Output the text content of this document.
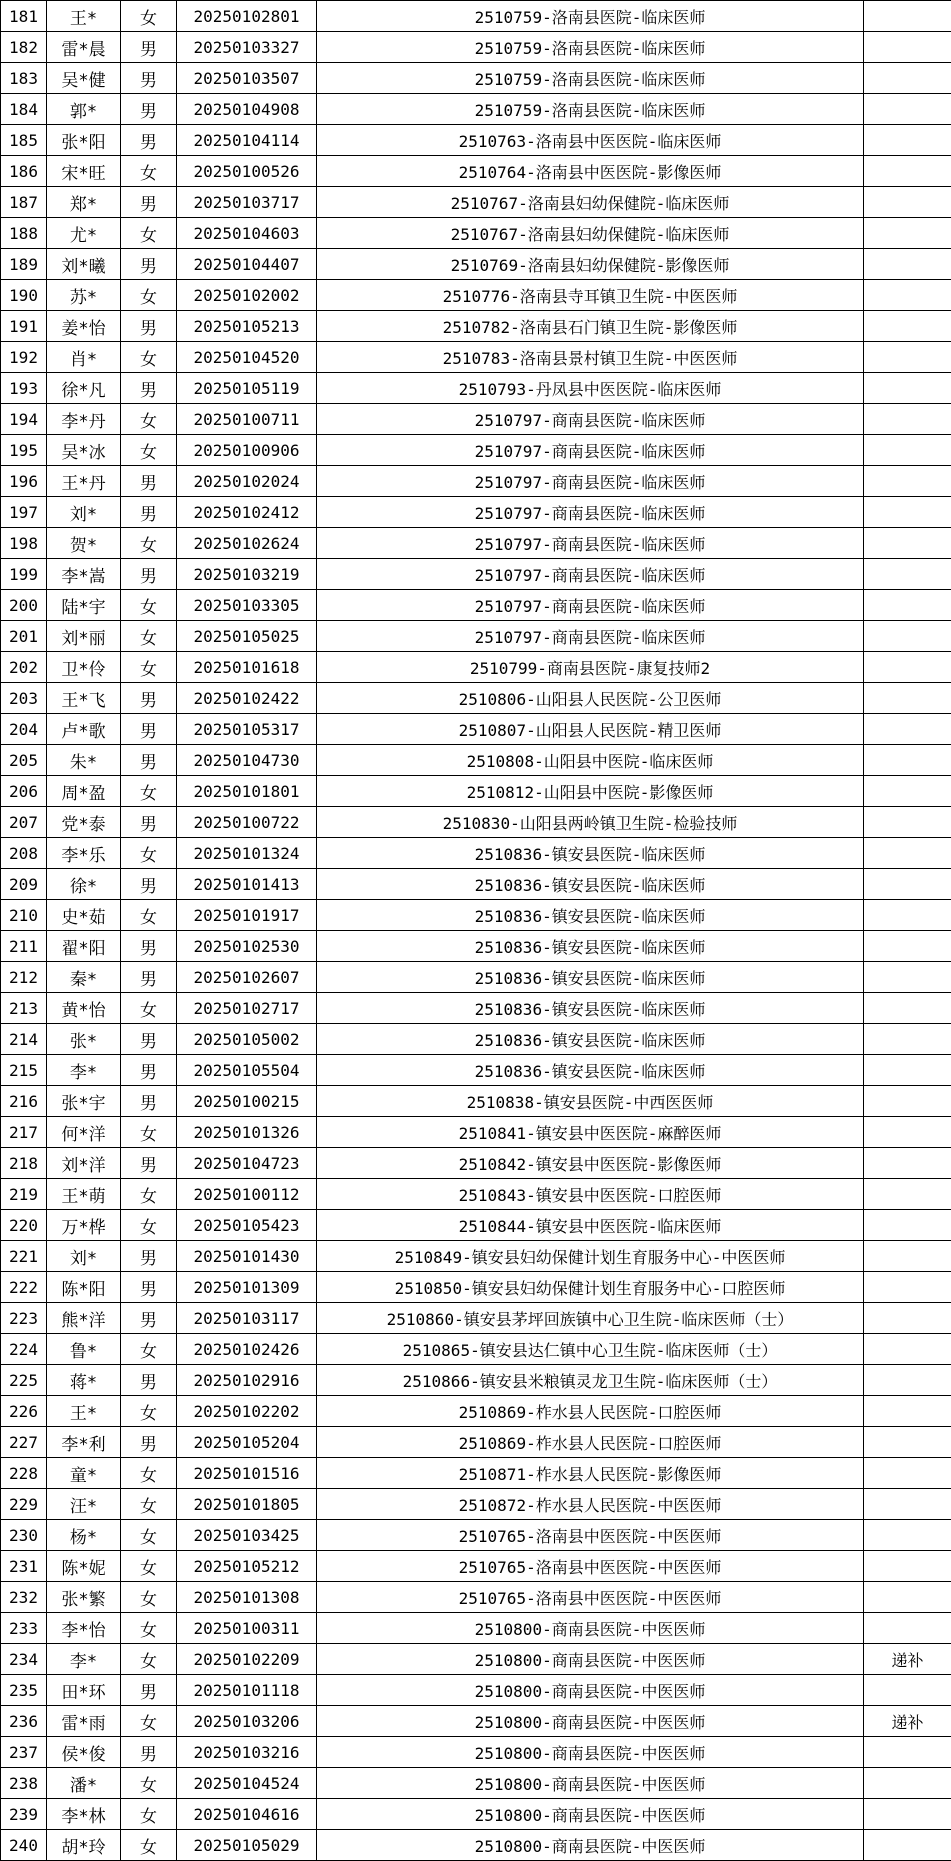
181	王*	女	20250102801	2510759-洛南县医院-临床医师	
182	雷*晨	男	20250103327	2510759-洛南县医院-临床医师	
183	吴*健	男	20250103507	2510759-洛南县医院-临床医师	
184	郭*	男	20250104908	2510759-洛南县医院-临床医师	
185	张*阳	男	20250104114	2510763-洛南县中医医院-临床医师	
186	宋*旺	女	20250100526	2510764-洛南县中医医院-影像医师	
187	郑*	男	20250103717	2510767-洛南县妇幼保健院-临床医师	
188	尤*	女	20250104603	2510767-洛南县妇幼保健院-临床医师	
189	刘*曦	男	20250104407	2510769-洛南县妇幼保健院-影像医师	
190	苏*	女	20250102002	2510776-洛南县寺耳镇卫生院-中医医师	
191	姜*怡	男	20250105213	2510782-洛南县石门镇卫生院-影像医师	
192	肖*	女	20250104520	2510783-洛南县景村镇卫生院-中医医师	
193	徐*凡	男	20250105119	2510793-丹凤县中医医院-临床医师	
194	李*丹	女	20250100711	2510797-商南县医院-临床医师	
195	吴*冰	女	20250100906	2510797-商南县医院-临床医师	
196	王*丹	男	20250102024	2510797-商南县医院-临床医师	
197	刘*	男	20250102412	2510797-商南县医院-临床医师	
198	贺*	女	20250102624	2510797-商南县医院-临床医师	
199	李*嵩	男	20250103219	2510797-商南县医院-临床医师	
200	陆*宇	女	20250103305	2510797-商南县医院-临床医师	
201	刘*丽	女	20250105025	2510797-商南县医院-临床医师	
202	卫*伶	女	20250101618	2510799-商南县医院-康复技师2	
203	王*飞	男	20250102422	2510806-山阳县人民医院-公卫医师	
204	卢*歌	男	20250105317	2510807-山阳县人民医院-精卫医师	
205	朱*	男	20250104730	2510808-山阳县中医院-临床医师	
206	周*盈	女	20250101801	2510812-山阳县中医院-影像医师	
207	党*泰	男	20250100722	2510830-山阳县两岭镇卫生院-检验技师	
208	李*乐	女	20250101324	2510836-镇安县医院-临床医师	
209	徐*	男	20250101413	2510836-镇安县医院-临床医师	
210	史*茹	女	20250101917	2510836-镇安县医院-临床医师	
211	翟*阳	男	20250102530	2510836-镇安县医院-临床医师	
212	秦*	男	20250102607	2510836-镇安县医院-临床医师	
213	黄*怡	女	20250102717	2510836-镇安县医院-临床医师	
214	张*	男	20250105002	2510836-镇安县医院-临床医师	
215	李*	男	20250105504	2510836-镇安县医院-临床医师	
216	张*宇	男	20250100215	2510838-镇安县医院-中西医医师	
217	何*洋	女	20250101326	2510841-镇安县中医医院-麻醉医师	
218	刘*洋	男	20250104723	2510842-镇安县中医医院-影像医师	
219	王*萌	女	20250100112	2510843-镇安县中医医院-口腔医师	
220	万*桦	女	20250105423	2510844-镇安县中医医院-临床医师	
221	刘*	男	20250101430	2510849-镇安县妇幼保健计划生育服务中心-中医医师	
222	陈*阳	男	20250101309	2510850-镇安县妇幼保健计划生育服务中心-口腔医师	
223	熊*洋	男	20250103117	2510860-镇安县茅坪回族镇中心卫生院-临床医师（士）	
224	鲁*	女	20250102426	2510865-镇安县达仁镇中心卫生院-临床医师（士）	
225	蒋*	男	20250102916	2510866-镇安县米粮镇灵龙卫生院-临床医师（士）	
226	王*	女	20250102202	2510869-柞水县人民医院-口腔医师	
227	李*利	男	20250105204	2510869-柞水县人民医院-口腔医师	
228	童*	女	20250101516	2510871-柞水县人民医院-影像医师	
229	汪*	女	20250101805	2510872-柞水县人民医院-中医医师	
230	杨*	女	20250103425	2510765-洛南县中医医院-中医医师	
231	陈*妮	女	20250105212	2510765-洛南县中医医院-中医医师	
232	张*繁	女	20250101308	2510765-洛南县中医医院-中医医师	
233	李*怡	女	20250100311	2510800-商南县医院-中医医师	
234	李*	女	20250102209	2510800-商南县医院-中医医师	递补
235	田*环	男	20250101118	2510800-商南县医院-中医医师	
236	雷*雨	女	20250103206	2510800-商南县医院-中医医师	递补
237	侯*俊	男	20250103216	2510800-商南县医院-中医医师	
238	潘*	女	20250104524	2510800-商南县医院-中医医师	
239	李*林	女	20250104616	2510800-商南县医院-中医医师	
240	胡*玲	女	20250105029	2510800-商南县医院-中医医师	
